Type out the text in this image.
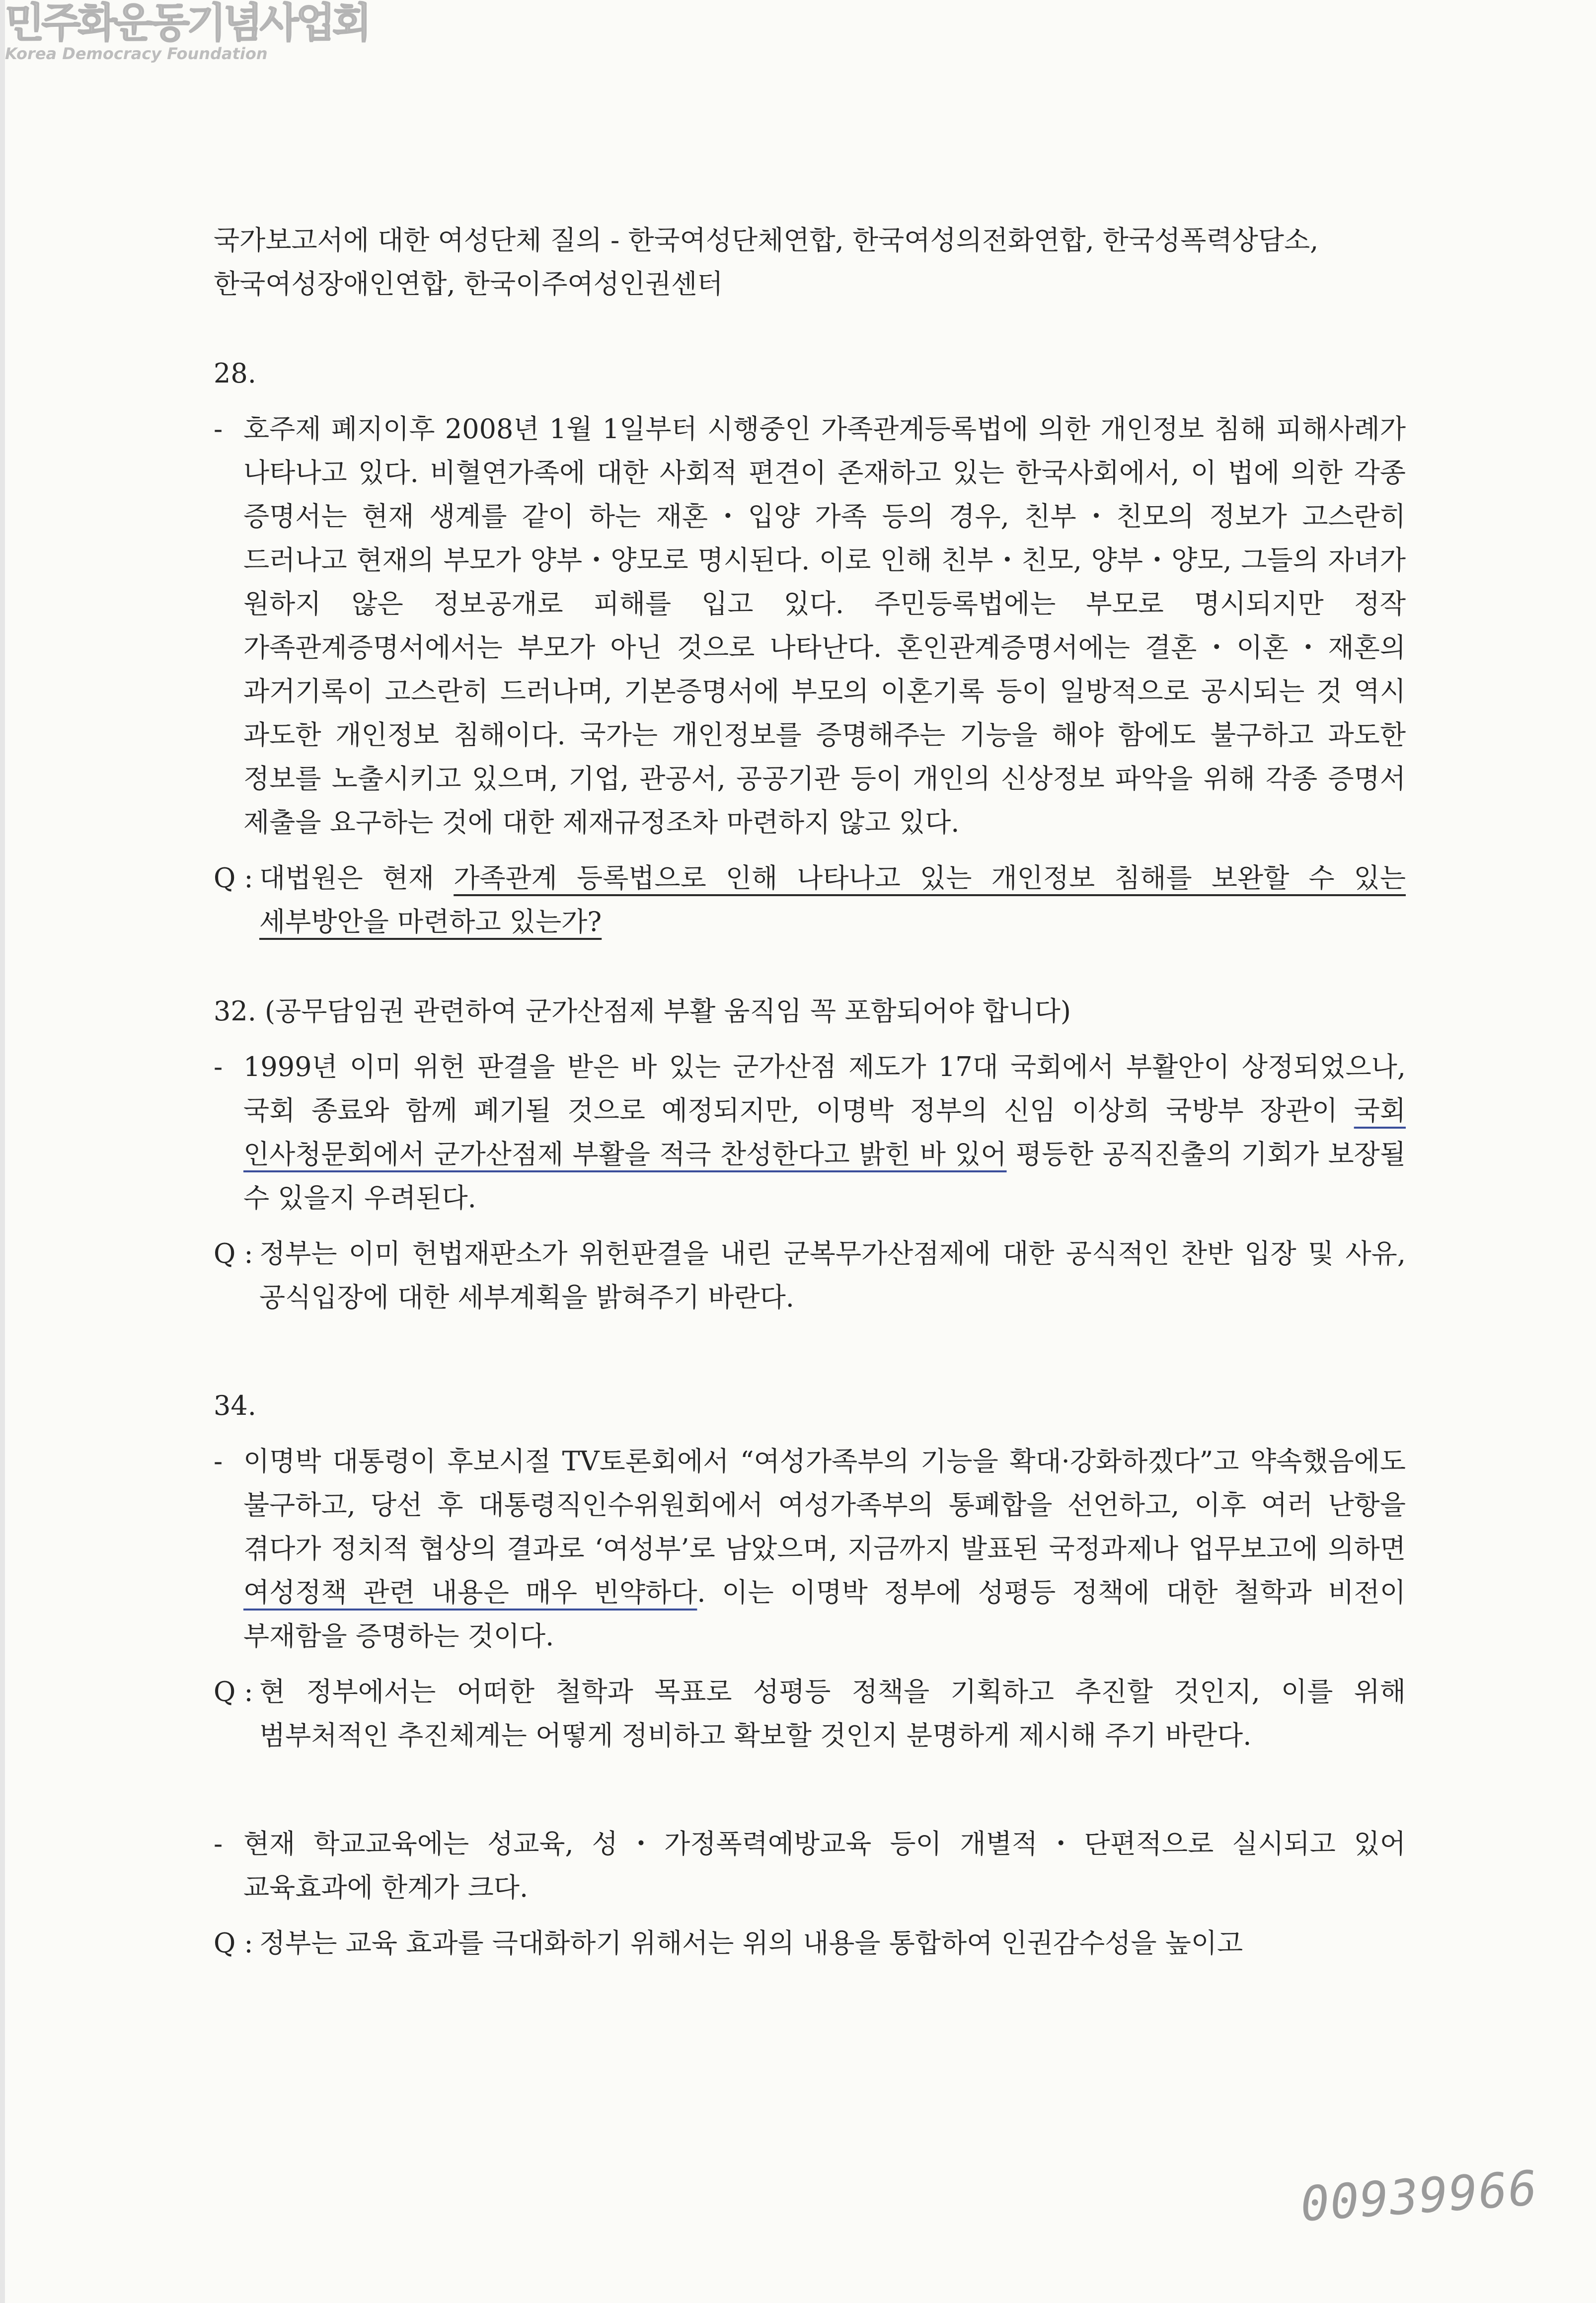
민주화운동기념사업회
Korea Democracy Foundation

국가보고서에 대한 여성단체 질의 - 한국여성단체연합, 한국여성의전화연합, 한국성폭력상담소, 한국여성장애인연합, 한국이주여성인권센터

28.

- 호주제 폐지이후 2008년 1월 1일부터 시행중인 가족관계등록법에 의한 개인정보 침해 피해사례가 나타나고 있다. 비혈연가족에 대한 사회적 편견이 존재하고 있는 한국사회에서, 이 법에 의한 각종 증명서는 현재 생계를 같이 하는 재혼・입양 가족 등의 경우, 친부・친모의 정보가 고스란히 드러나고 현재의 부모가 양부・양모로 명시된다. 이로 인해 친부・친모, 양부・양모, 그들의 자녀가 원하지 않은 정보공개로 피해를 입고 있다. 주민등록법에는 부모로 명시되지만 정작 가족관계증명서에서는 부모가 아닌 것으로 나타난다. 혼인관계증명서에는 결혼・이혼・재혼의 과거기록이 고스란히 드러나며, 기본증명서에 부모의 이혼기록 등이 일방적으로 공시되는 것 역시 과도한 개인정보 침해이다. 국가는 개인정보를 증명해주는 기능을 해야 함에도 불구하고 과도한 정보를 노출시키고 있으며, 기업, 관공서, 공공기관 등이 개인의 신상정보 파악을 위해 각종 증명서 제출을 요구하는 것에 대한 제재규정조차 마련하지 않고 있다.
Q : 대법원은 현재 가족관계 등록법으로 인해 나타나고 있는 개인정보 침해를 보완할 수 있는 세부방안을 마련하고 있는가?

32. (공무담임권 관련하여 군가산점제 부활 움직임 꼭 포함되어야 합니다)

- 1999년 이미 위헌 판결을 받은 바 있는 군가산점 제도가 17대 국회에서 부활안이 상정되었으나, 국회 종료와 함께 폐기될 것으로 예정되지만, 이명박 정부의 신임 이상희 국방부 장관이 국회 인사청문회에서 군가산점제 부활을 적극 찬성한다고 밝힌 바 있어 평등한 공직진출의 기회가 보장될 수 있을지 우려된다.
Q : 정부는 이미 헌법재판소가 위헌판결을 내린 군복무가산점제에 대한 공식적인 찬반 입장 및 사유, 공식입장에 대한 세부계획을 밝혀주기 바란다.

34.

- 이명박 대통령이 후보시절 TV토론회에서 “여성가족부의 기능을 확대·강화하겠다”고 약속했음에도 불구하고, 당선 후 대통령직인수위원회에서 여성가족부의 통폐합을 선언하고, 이후 여러 난항을 겪다가 정치적 협상의 결과로 ‘여성부’로 남았으며, 지금까지 발표된 국정과제나 업무보고에 의하면 여성정책 관련 내용은 매우 빈약하다. 이는 이명박 정부에 성평등 정책에 대한 철학과 비전이 부재함을 증명하는 것이다.
Q : 현 정부에서는 어떠한 철학과 목표로 성평등 정책을 기획하고 추진할 것인지, 이를 위해 범부처적인 추진체계는 어떻게 정비하고 확보할 것인지 분명하게 제시해 주기 바란다.
- 현재 학교교육에는 성교육, 성・가정폭력예방교육 등이 개별적・단편적으로 실시되고 있어 교육효과에 한계가 크다.
Q : 정부는 교육 효과를 극대화하기 위해서는 위의 내용을 통합하여 인권감수성을 높이고
00939966
